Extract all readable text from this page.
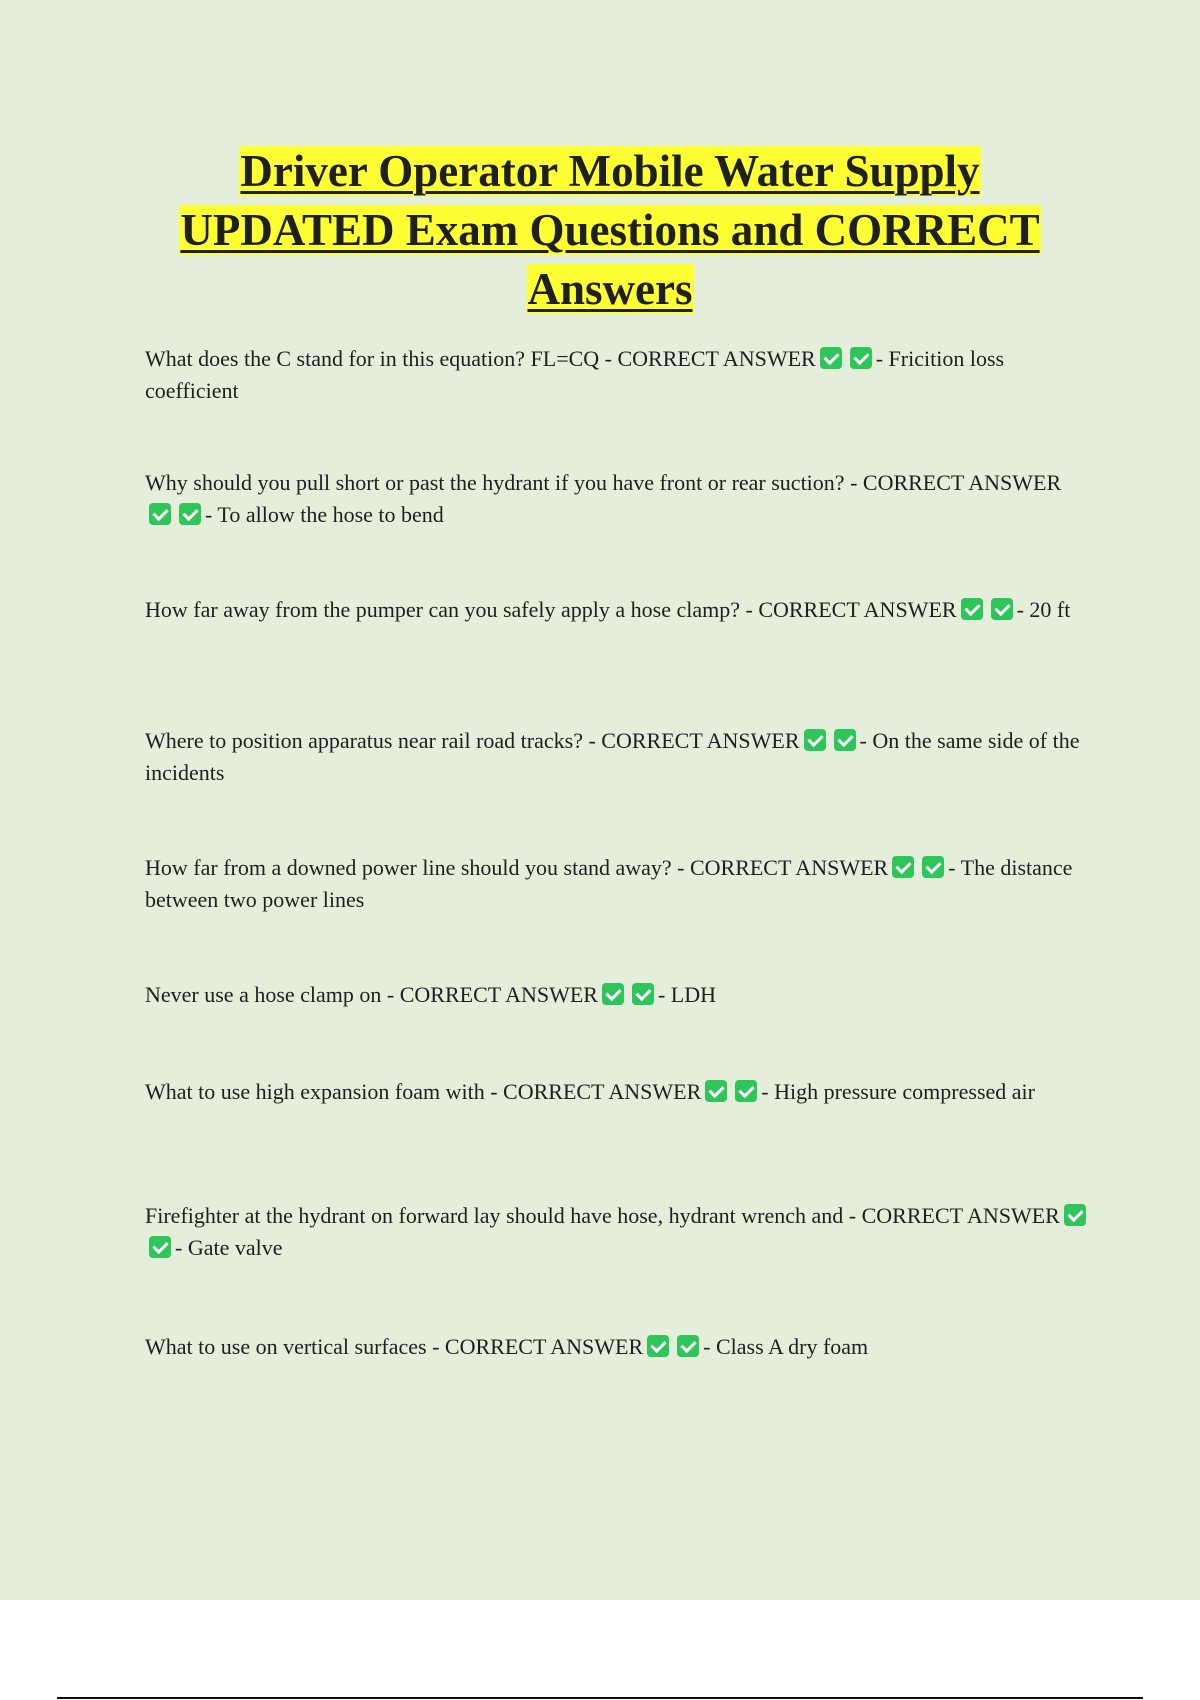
Driver Operator Mobile Water Supply UPDATED Exam Questions and CORRECT Answers

What does the C stand for in this equation? FL=CQ - CORRECT ANSWER	- Fricition loss coefficient

Why should you pull short or past the hydrant if you have front or rear suction? - CORRECT ANSWER- To allow the hose to bend

How far away from the pumper can you safely apply a hose clamp? - CORRECT ANSWER	- 20 ft

Where to position apparatus near rail road tracks? - CORRECT ANSWER	- On the same side of the incidents

How far from a downed power line should you stand away? - CORRECT ANSWER	- The distance between two power lines

Never use a hose clamp on - CORRECT ANSWER	- LDH

What to use high expansion foam with - CORRECT ANSWER	- High pressure compressed air

Firefighter at the hydrant on forward lay should have hose, hydrant wrench and - CORRECT ANSWER- Gate valve

What to use on vertical surfaces - CORRECT ANSWER	- Class A dry foam
